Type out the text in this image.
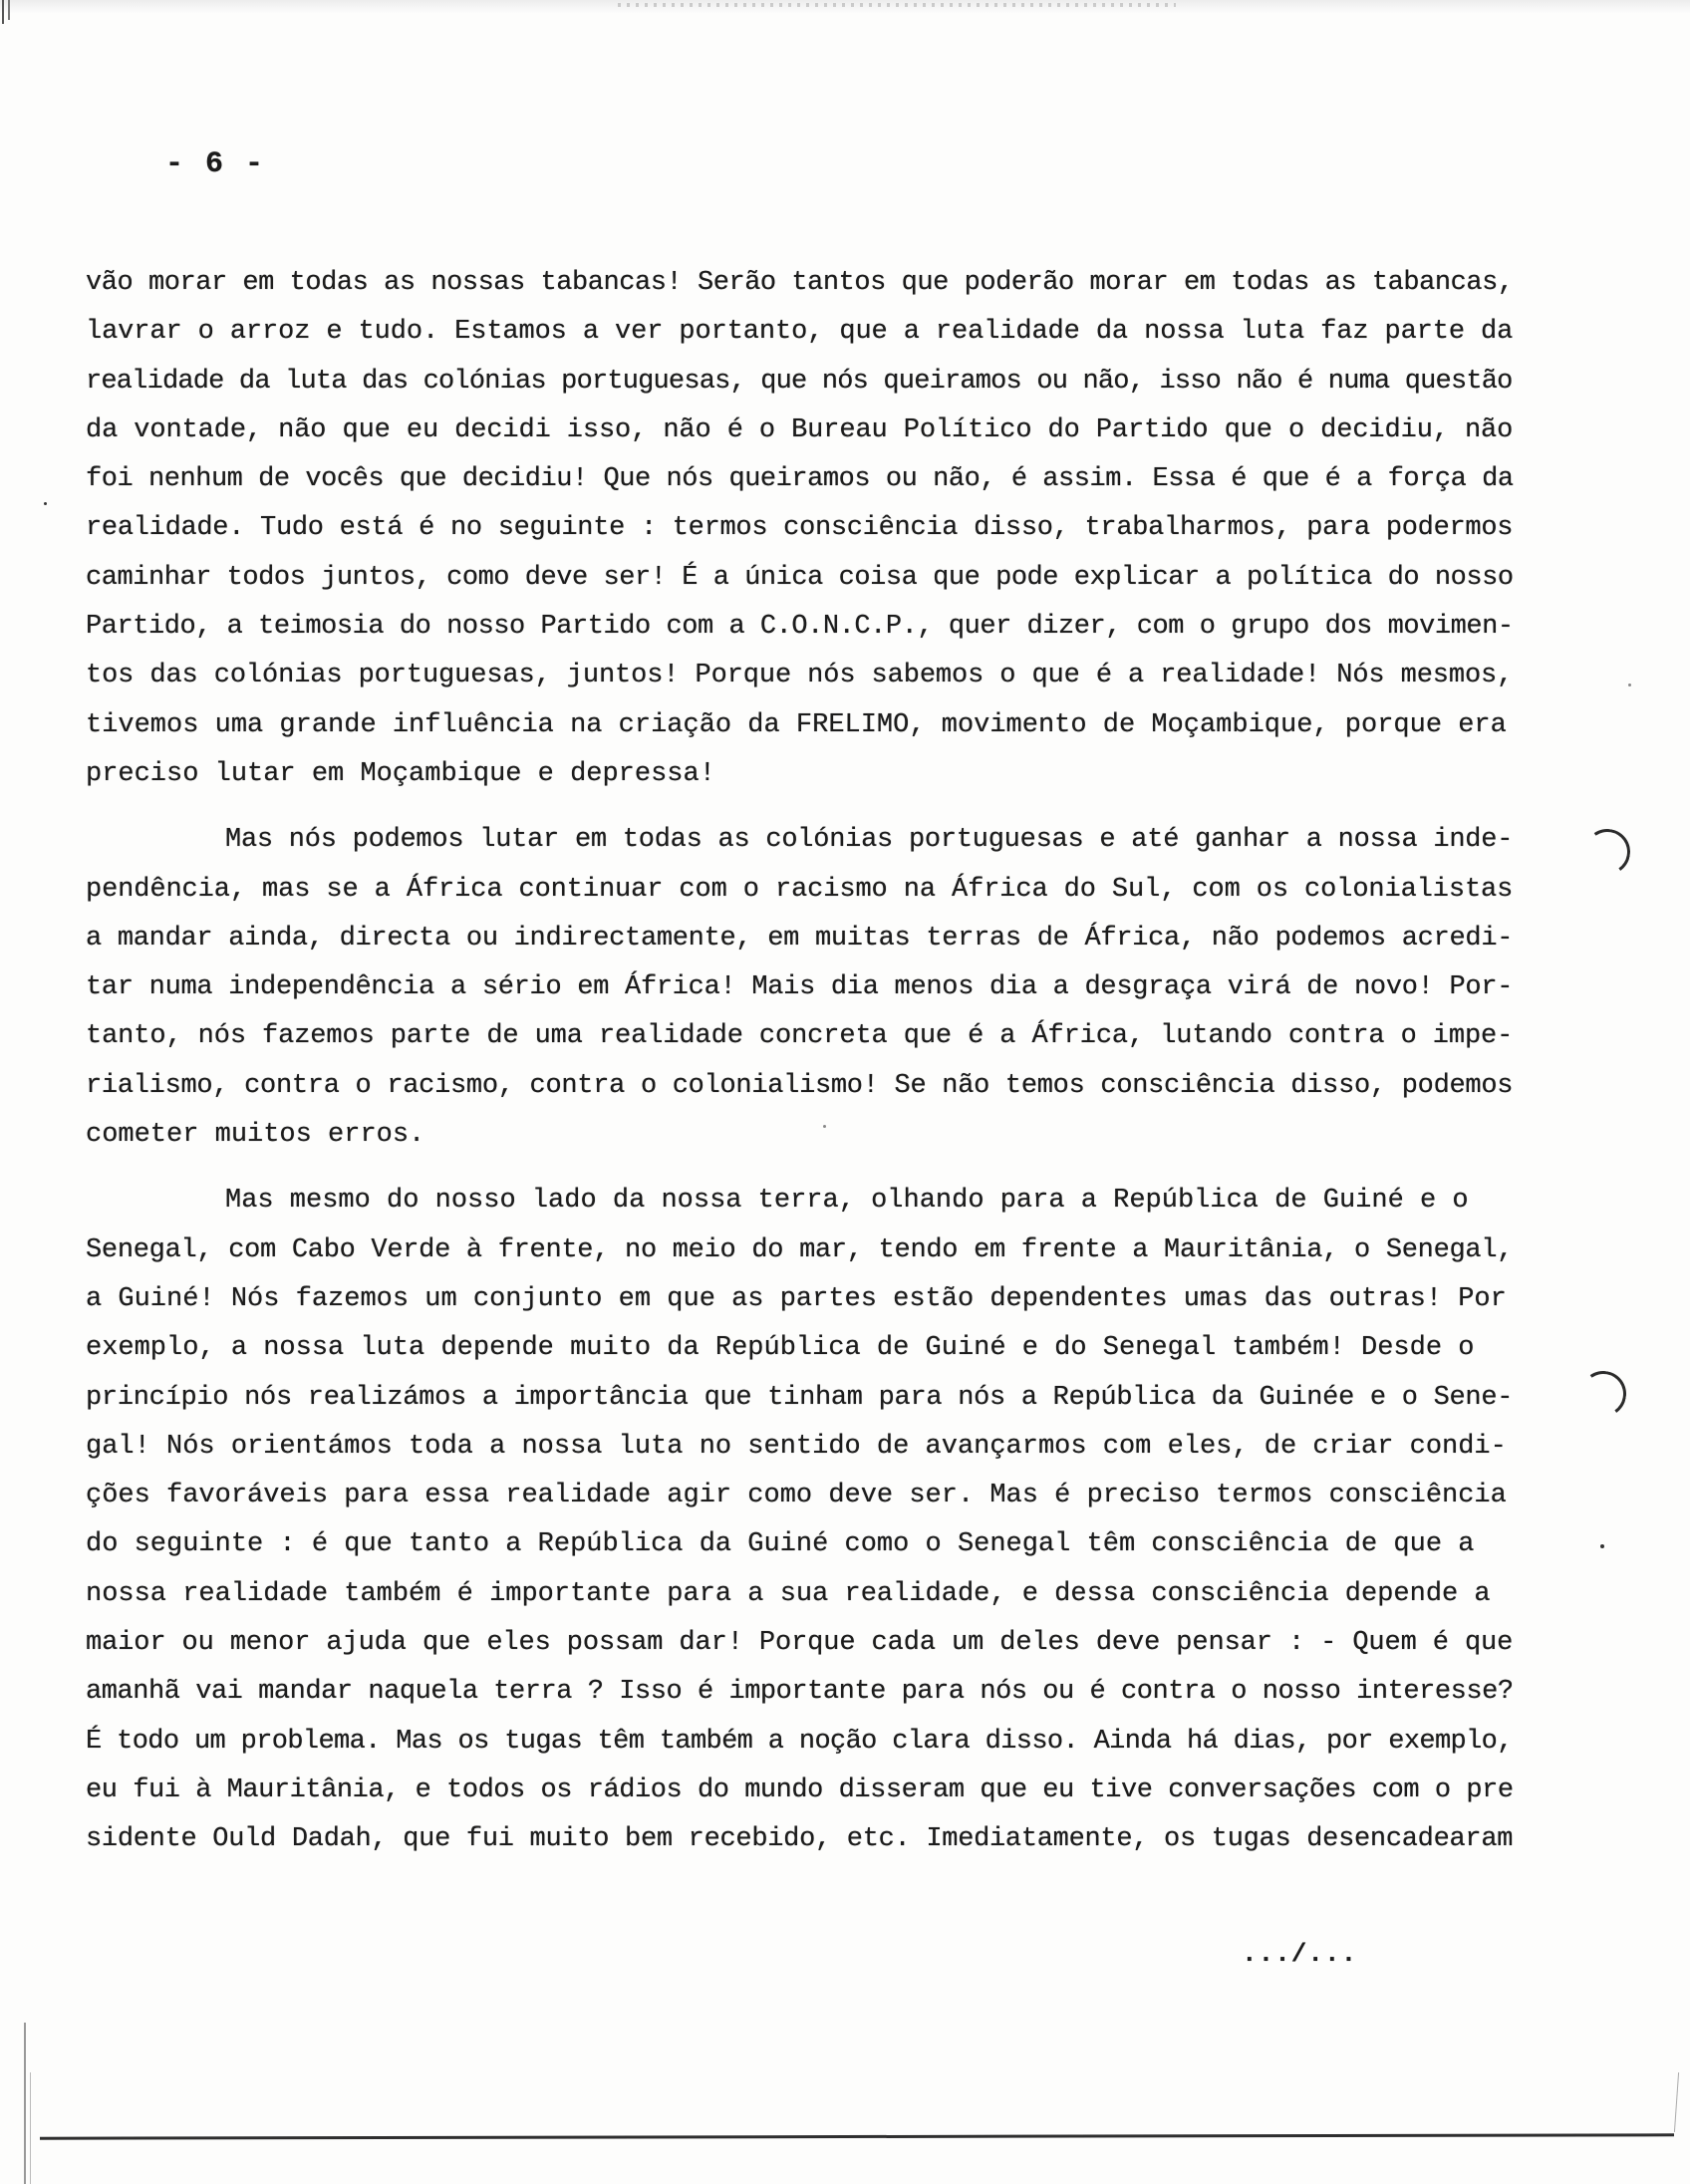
- 6 -
vão morar em todas as nossas tabancas! Serão tantos que poderão morar em todas as tabancas,
lavrar o arroz e tudo. Estamos a ver portanto, que a realidade da nossa luta faz parte da
realidade da luta das colónias portuguesas, que nós queiramos ou não, isso não é numa questão
da vontade, não que eu decidi isso, não é o Bureau Político do Partido que o decidiu, não
foi nenhum de vocês que decidiu! Que nós queiramos ou não, é assim. Essa é que é a força da
realidade. Tudo está é no seguinte : termos consciência disso, trabalharmos, para podermos
caminhar todos juntos, como deve ser! É a única coisa que pode explicar a política do nosso
Partido, a teimosia do nosso Partido com a C.O.N.C.P., quer dizer, com o grupo dos movimen-
tos das colónias portuguesas, juntos! Porque nós sabemos o que é a realidade! Nós mesmos,
tivemos uma grande influência na criação da FRELIMO, movimento de Moçambique, porque era
preciso lutar em Moçambique e depressa!
Mas nós podemos lutar em todas as colónias portuguesas e até ganhar a nossa inde-
pendência, mas se a África continuar com o racismo na África do Sul, com os colonialistas
a mandar ainda, directa ou indirectamente, em muitas terras de África, não podemos acredi-
tar numa independência a sério em África! Mais dia menos dia a desgraça virá de novo! Por-
tanto, nós fazemos parte de uma realidade concreta que é a África, lutando contra o impe-
rialismo, contra o racismo, contra o colonialismo! Se não temos consciência disso, podemos
cometer muitos erros.
Mas mesmo do nosso lado da nossa terra, olhando para a República de Guiné e o
Senegal, com Cabo Verde à frente, no meio do mar, tendo em frente a Mauritânia, o Senegal,
a Guiné! Nós fazemos um conjunto em que as partes estão dependentes umas das outras! Por
exemplo, a nossa luta depende muito da República de Guiné e do Senegal também! Desde o
princípio nós realizámos a importância que tinham para nós a República da Guinée e o Sene-
gal! Nós orientámos toda a nossa luta no sentido de avançarmos com eles, de criar condi-
ções favoráveis para essa realidade agir como deve ser. Mas é preciso termos consciência
do seguinte : é que tanto a República da Guiné como o Senegal têm consciência de que a
nossa realidade também é importante para a sua realidade, e dessa consciência depende a
maior ou menor ajuda que eles possam dar! Porque cada um deles deve pensar : - Quem é que
amanhã vai mandar naquela terra ? Isso é importante para nós ou é contra o nosso interesse?
É todo um problema. Mas os tugas têm também a noção clara disso. Ainda há dias, por exemplo,
eu fui à Mauritânia, e todos os rádios do mundo disseram que eu tive conversações com o pre
sidente Ould Dadah, que fui muito bem recebido, etc. Imediatamente, os tugas desencadearam
.../...
